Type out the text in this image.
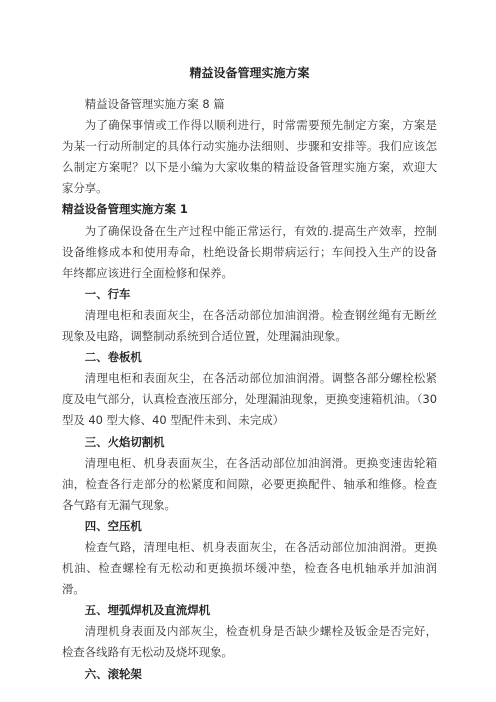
精益设备管理实施方案

精益设备管理实施方案 8 篇

为了确保事情或工作得以顺利进行，时常需要预先制定方案，方案是为某一行动所制定的具体行动实施办法细则、步骤和安排等。我们应该怎么制定方案呢？以下是小编为大家收集的精益设备管理实施方案，欢迎大家分享。

精益设备管理实施方案 1

为了确保设备在生产过程中能正常运行，有效的.提高生产效率，控制设备维修成本和使用寿命，杜绝设备长期带病运行；车间投入生产的设备年终都应该进行全面检修和保养。

一、行车

清理电柜和表面灰尘，在各活动部位加油润滑。检查钢丝绳有无断丝现象及电路，调整制动系统到合适位置，处理漏油现象。

二、卷板机

清理电柜和表面灰尘，在各活动部位加油润滑。调整各部分螺栓松紧度及电气部分，认真检查液压部分，处理漏油现象，更换变速箱机油。（30 型及 40 型大修、40 型配件未到、未完成）

三、火焰切割机

清理电柜、机身表面灰尘，在各活动部位加油润滑。更换变速齿轮箱油，检查各行走部分的松紧度和间隙，必要更换配件、轴承和维修。检查各气路有无漏气现象。

四、空压机

检查气路，清理电柜、机身表面灰尘，在各活动部位加油润滑。更换机油、检查螺栓有无松动和更换损坏缓冲垫，检查各电机轴承并加油润滑。

五、埋弧焊机及直流焊机

清理机身表面及内部灰尘，检查机身是否缺少螺栓及钣金是否完好，检查各线路有无松动及烧坏现象。

六、滚轮架
